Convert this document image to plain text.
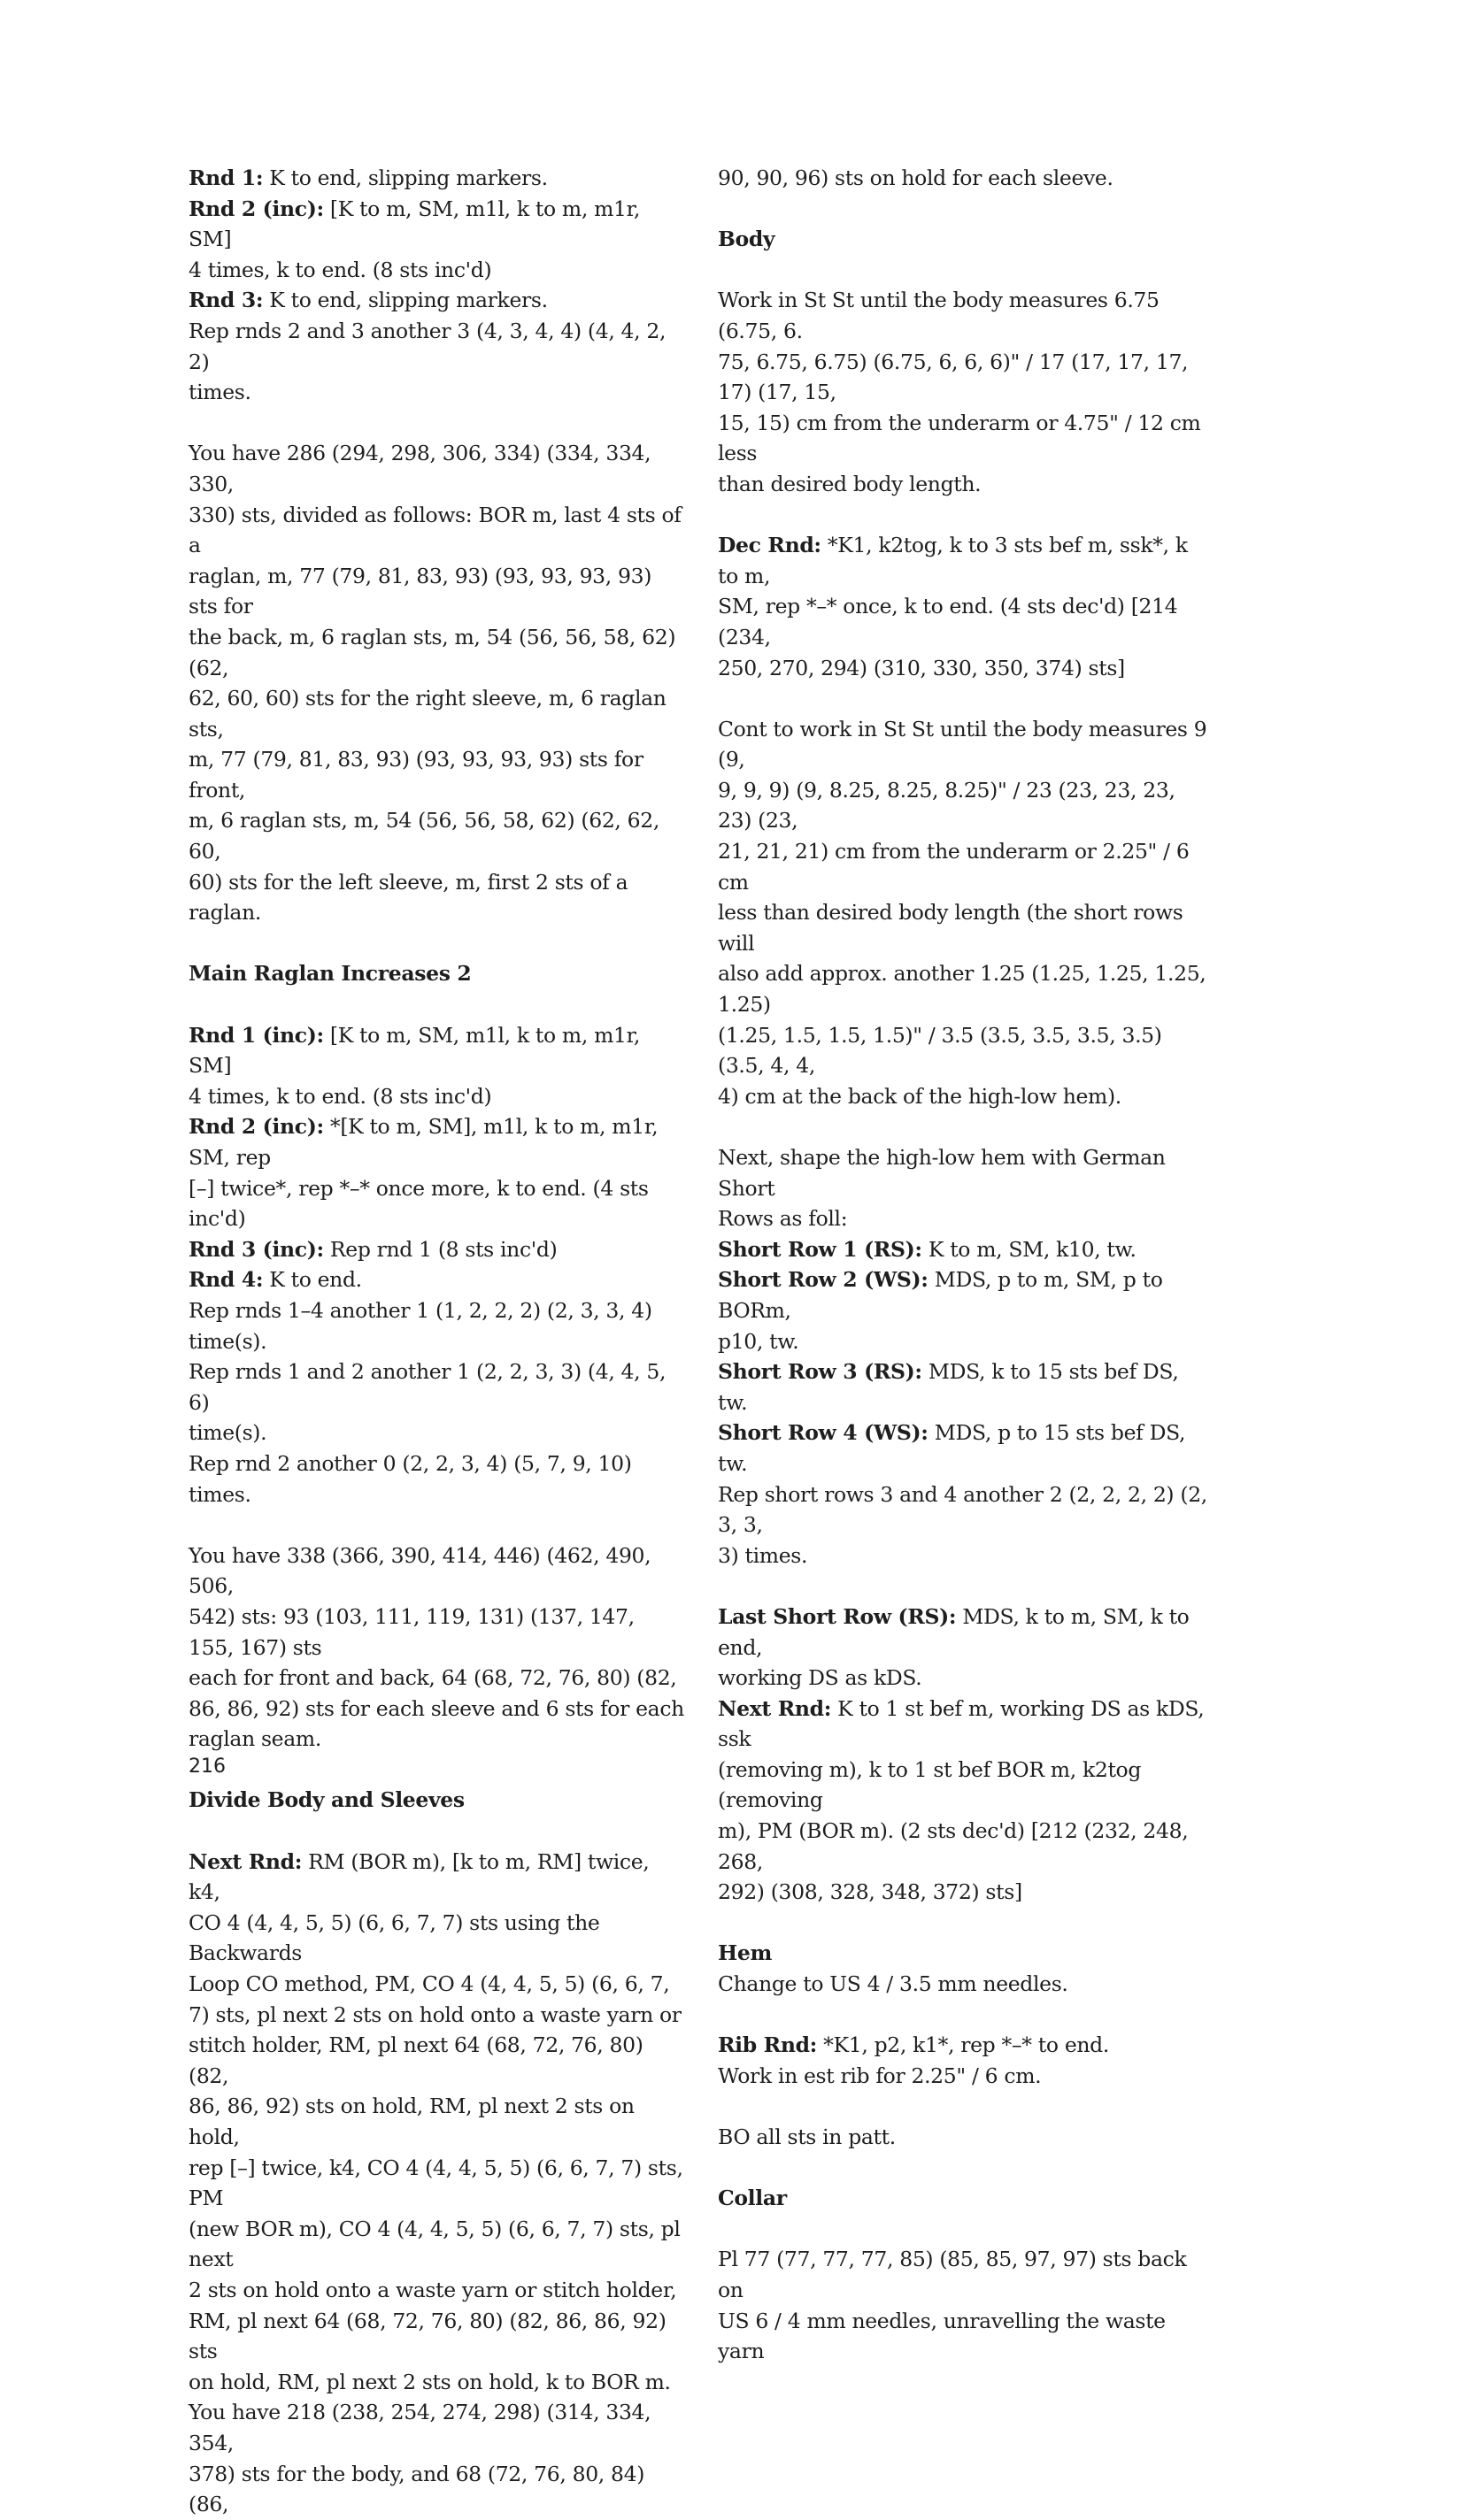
Rnd 1: K to end, slipping markers.

Rnd 2 (inc): [K to m, SM, m1l, k to m, m1r, SM]

4 times, k to end. (8 sts inc'd)

Rnd 3: K to end, slipping markers.

Rep rnds 2 and 3 another 3 (4, 3, 4, 4) (4, 4, 2, 2)

times.

You have 286 (294, 298, 306, 334) (334, 334, 330,

330) sts, divided as follows: BOR m, last 4 sts of a

raglan, m, 77 (79, 81, 83, 93) (93, 93, 93, 93) sts for

the back, m, 6 raglan sts, m, 54 (56, 56, 58, 62) (62,

62, 60, 60) sts for the right sleeve, m, 6 raglan sts,

m, 77 (79, 81, 83, 93) (93, 93, 93, 93) sts for front,

m, 6 raglan sts, m, 54 (56, 56, 58, 62) (62, 62, 60,

60) sts for the left sleeve, m, first 2 sts of a raglan.

Main Raglan Increases 2

Rnd 1 (inc): [K to m, SM, m1l, k to m, m1r, SM]

4 times, k to end. (8 sts inc'd)

Rnd 2 (inc): *[K to m, SM], m1l, k to m, m1r, SM, rep

[–] twice*, rep *–* once more, k to end. (4 sts inc'd)

Rnd 3 (inc): Rep rnd 1 (8 sts inc'd)

Rnd 4: K to end.

Rep rnds 1–4 another 1 (1, 2, 2, 2) (2, 3, 3, 4) time(s).

Rep rnds 1 and 2 another 1 (2, 2, 3, 3) (4, 4, 5, 6)

time(s).

Rep rnd 2 another 0 (2, 2, 3, 4) (5, 7, 9, 10) times.

You have 338 (366, 390, 414, 446) (462, 490, 506,

542) sts: 93 (103, 111, 119, 131) (137, 147, 155, 167) sts

each for front and back, 64 (68, 72, 76, 80) (82,

86, 86, 92) sts for each sleeve and 6 sts for each

raglan seam.

Divide Body and Sleeves

Next Rnd: RM (BOR m), [k to m, RM] twice, k4,

CO 4 (4, 4, 5, 5) (6, 6, 7, 7) sts using the Backwards

Loop CO method, PM, CO 4 (4, 4, 5, 5) (6, 6, 7,

7) sts, pl next 2 sts on hold onto a waste yarn or

stitch holder, RM, pl next 64 (68, 72, 76, 80) (82,

86, 86, 92) sts on hold, RM, pl next 2 sts on hold,

rep [–] twice, k4, CO 4 (4, 4, 5, 5) (6, 6, 7, 7) sts, PM

(new BOR m), CO 4 (4, 4, 5, 5) (6, 6, 7, 7) sts, pl next

2 sts on hold onto a waste yarn or stitch holder,

RM, pl next 64 (68, 72, 76, 80) (82, 86, 86, 92) sts

on hold, RM, pl next 2 sts on hold, k to BOR m.

You have 218 (238, 254, 274, 298) (314, 334, 354,

378) sts for the body, and 68 (72, 76, 80, 84) (86,

90, 90, 96) sts on hold for each sleeve.

Body

Work in St St until the body measures 6.75 (6.75, 6.

75, 6.75, 6.75) (6.75, 6, 6, 6)" / 17 (17, 17, 17, 17) (17, 15,

15, 15) cm from the underarm or 4.75" / 12 cm less

than desired body length.

Dec Rnd: *K1, k2tog, k to 3 sts bef m, ssk*, k to m,

SM, rep *–* once, k to end. (4 sts dec'd) [214 (234,

250, 270, 294) (310, 330, 350, 374) sts]

Cont to work in St St until the body measures 9 (9,

9, 9, 9) (9, 8.25, 8.25, 8.25)" / 23 (23, 23, 23, 23) (23,

21, 21, 21) cm from the underarm or 2.25" / 6 cm

less than desired body length (the short rows will

also add approx. another 1.25 (1.25, 1.25, 1.25, 1.25)

(1.25, 1.5, 1.5, 1.5)" / 3.5 (3.5, 3.5, 3.5, 3.5) (3.5, 4, 4,

4) cm at the back of the high-low hem).

Next, shape the high-low hem with German Short

Rows as foll:

Short Row 1 (RS): K to m, SM, k10, tw.

Short Row 2 (WS): MDS, p to m, SM, p to BORm,

p10, tw.

Short Row 3 (RS): MDS, k to 15 sts bef DS, tw.

Short Row 4 (WS): MDS, p to 15 sts bef DS, tw.

Rep short rows 3 and 4 another 2 (2, 2, 2, 2) (2, 3, 3,

3) times.

Last Short Row (RS): MDS, k to m, SM, k to end,

working DS as kDS.

Next Rnd: K to 1 st bef m, working DS as kDS, ssk

(removing m), k to 1 st bef BOR m, k2tog (removing

m), PM (BOR m). (2 sts dec'd) [212 (232, 248, 268,

292) (308, 328, 348, 372) sts]

Hem

Change to US 4 / 3.5 mm needles.

Rib Rnd: *K1, p2, k1*, rep *–* to end.

Work in est rib for 2.25" / 6 cm.

BO all sts in patt.

Collar

Pl 77 (77, 77, 77, 85) (85, 85, 97, 97) sts back on

US 6 / 4 mm needles, unravelling the waste yarn

216
